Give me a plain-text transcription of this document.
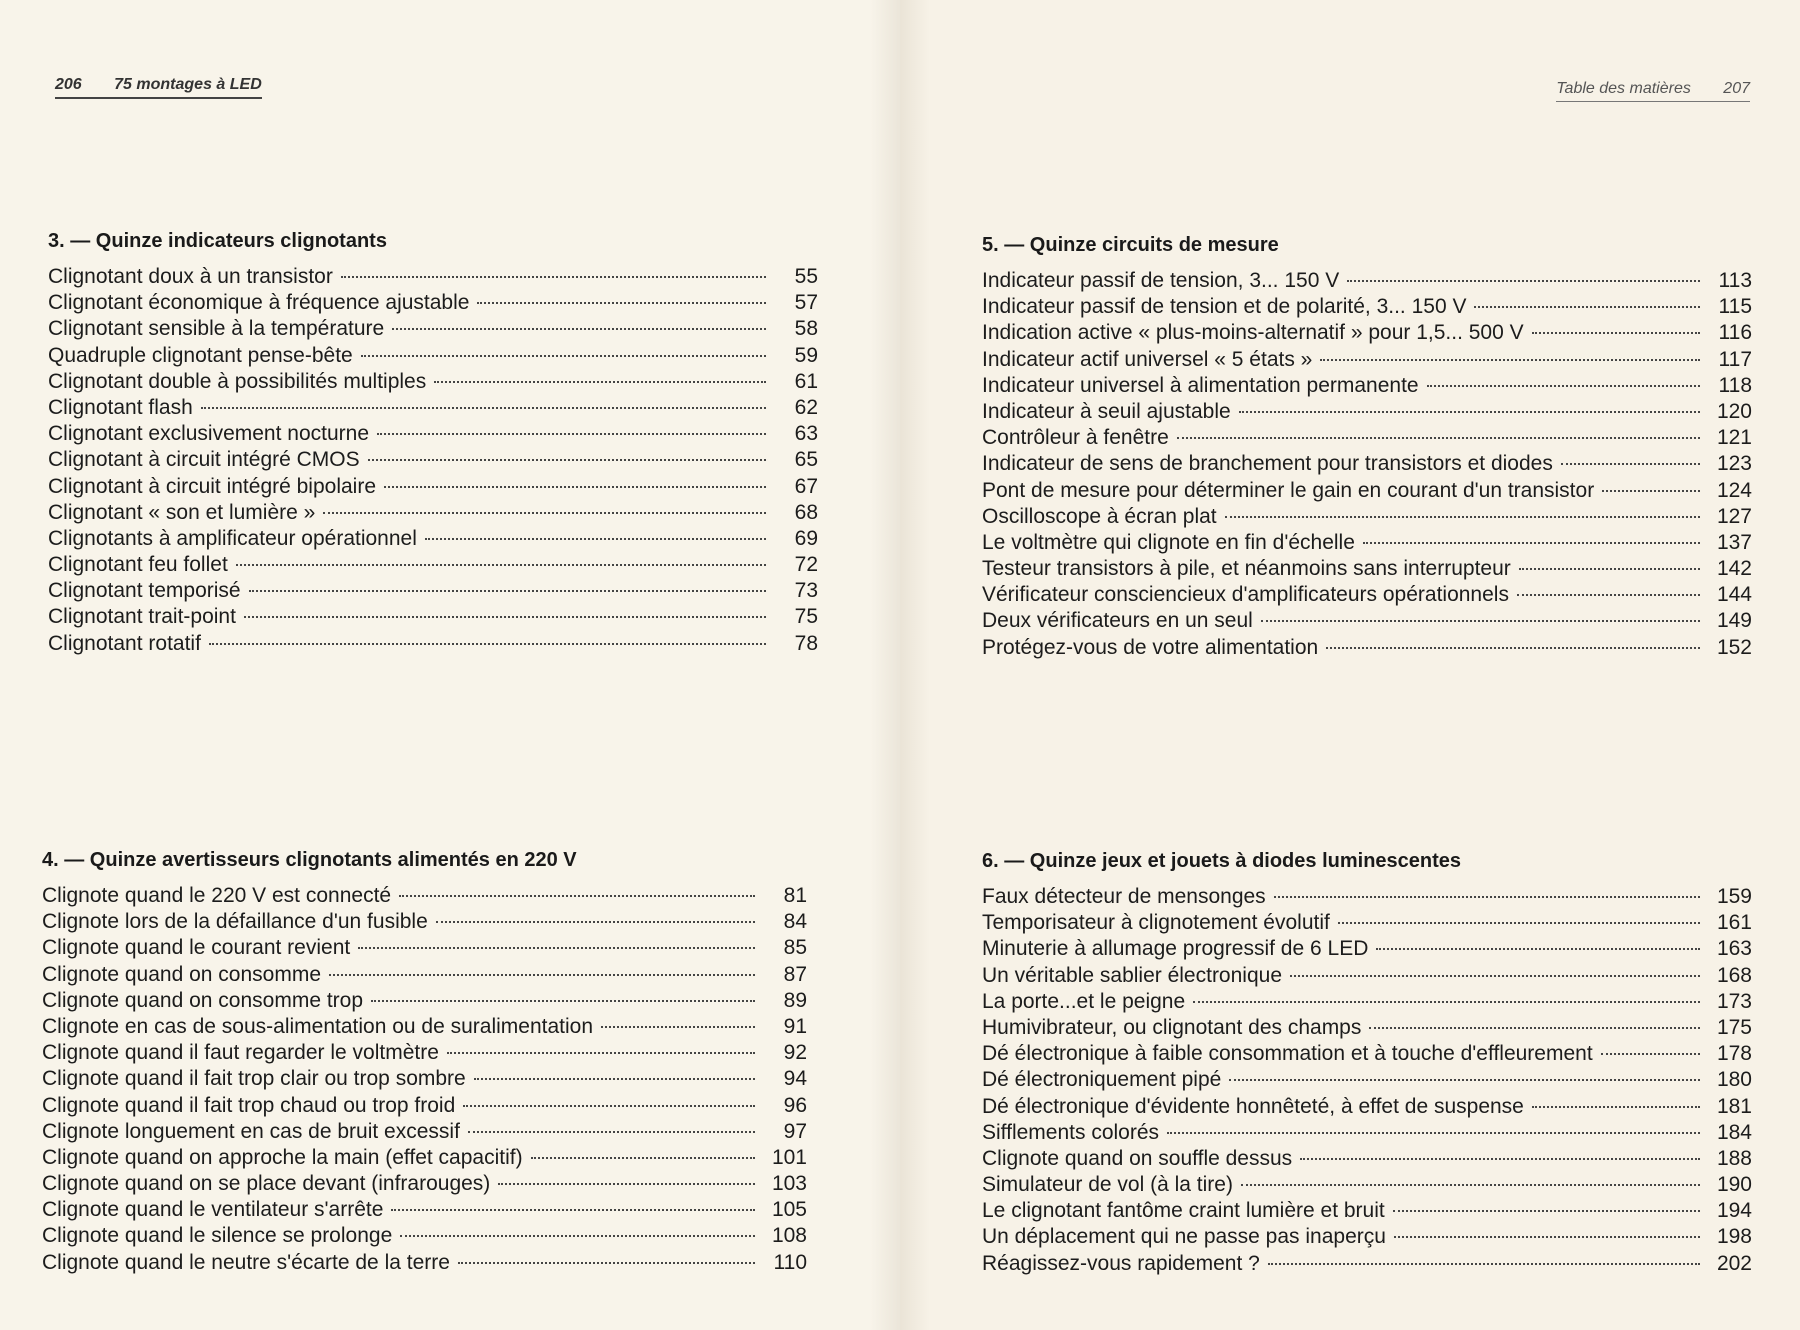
206 75 montages à LED	Table des matières 207
3. — Quinze indicateurs clignotants
Clignotant doux à un transistor	55
Clignotant économique à fréquence ajustable	57
Clignotant sensible à la température	58
Quadruple clignotant pense-bête	59
Clignotant double à possibilités multiples	61
Clignotant flash	62
Clignotant exclusivement nocturne	63
Clignotant à circuit intégré CMOS	65
Clignotant à circuit intégré bipolaire	67
Clignotant « son et lumière »	68
Clignotants à amplificateur opérationnel	69
Clignotant feu follet	72
Clignotant temporisé	73
Clignotant trait-point	75
Clignotant rotatif	78
4. — Quinze avertisseurs clignotants alimentés en 220 V
Clignote quand le 220 V est connecté	81
Clignote lors de la défaillance d'un fusible	84
Clignote quand le courant revient	85
Clignote quand on consomme	87
Clignote quand on consomme trop	89
Clignote en cas de sous-alimentation ou de suralimentation	91
Clignote quand il faut regarder le voltmètre	92
Clignote quand il fait trop clair ou trop sombre	94
Clignote quand il fait trop chaud ou trop froid	96
Clignote longuement en cas de bruit excessif	97
Clignote quand on approche la main (effet capacitif)	101
Clignote quand on se place devant (infrarouges)	103
Clignote quand le ventilateur s'arrête	105
Clignote quand le silence se prolonge	108
Clignote quand le neutre s'écarte de la terre	110
5. — Quinze circuits de mesure
Indicateur passif de tension, 3... 150 V	113
Indicateur passif de tension et de polarité, 3... 150 V	115
Indication active « plus-moins-alternatif » pour 1,5... 500 V	116
Indicateur actif universel « 5 états »	117
Indicateur universel à alimentation permanente	118
Indicateur à seuil ajustable	120
Contrôleur à fenêtre	121
Indicateur de sens de branchement pour transistors et diodes	123
Pont de mesure pour déterminer le gain en courant d'un transistor	124
Oscilloscope à écran plat	127
Le voltmètre qui clignote en fin d'échelle	137
Testeur transistors à pile, et néanmoins sans interrupteur	142
Vérificateur consciencieux d'amplificateurs opérationnels	144
Deux vérificateurs en un seul	149
Protégez-vous de votre alimentation	152
6. — Quinze jeux et jouets à diodes luminescentes
Faux détecteur de mensonges	159
Temporisateur à clignotement évolutif	161
Minuterie à allumage progressif de 6 LED	163
Un véritable sablier électronique	168
La porte...et le peigne	173
Humivibrateur, ou clignotant des champs	175
Dé électronique à faible consommation et à touche d'effleurement	178
Dé électroniquement pipé	180
Dé électronique d'évidente honnêteté, à effet de suspense	181
Sifflements colorés	184
Clignote quand on souffle dessus	188
Simulateur de vol (à la tire)	190
Le clignotant fantôme craint lumière et bruit	194
Un déplacement qui ne passe pas inaperçu	198
Réagissez-vous rapidement ?	202
